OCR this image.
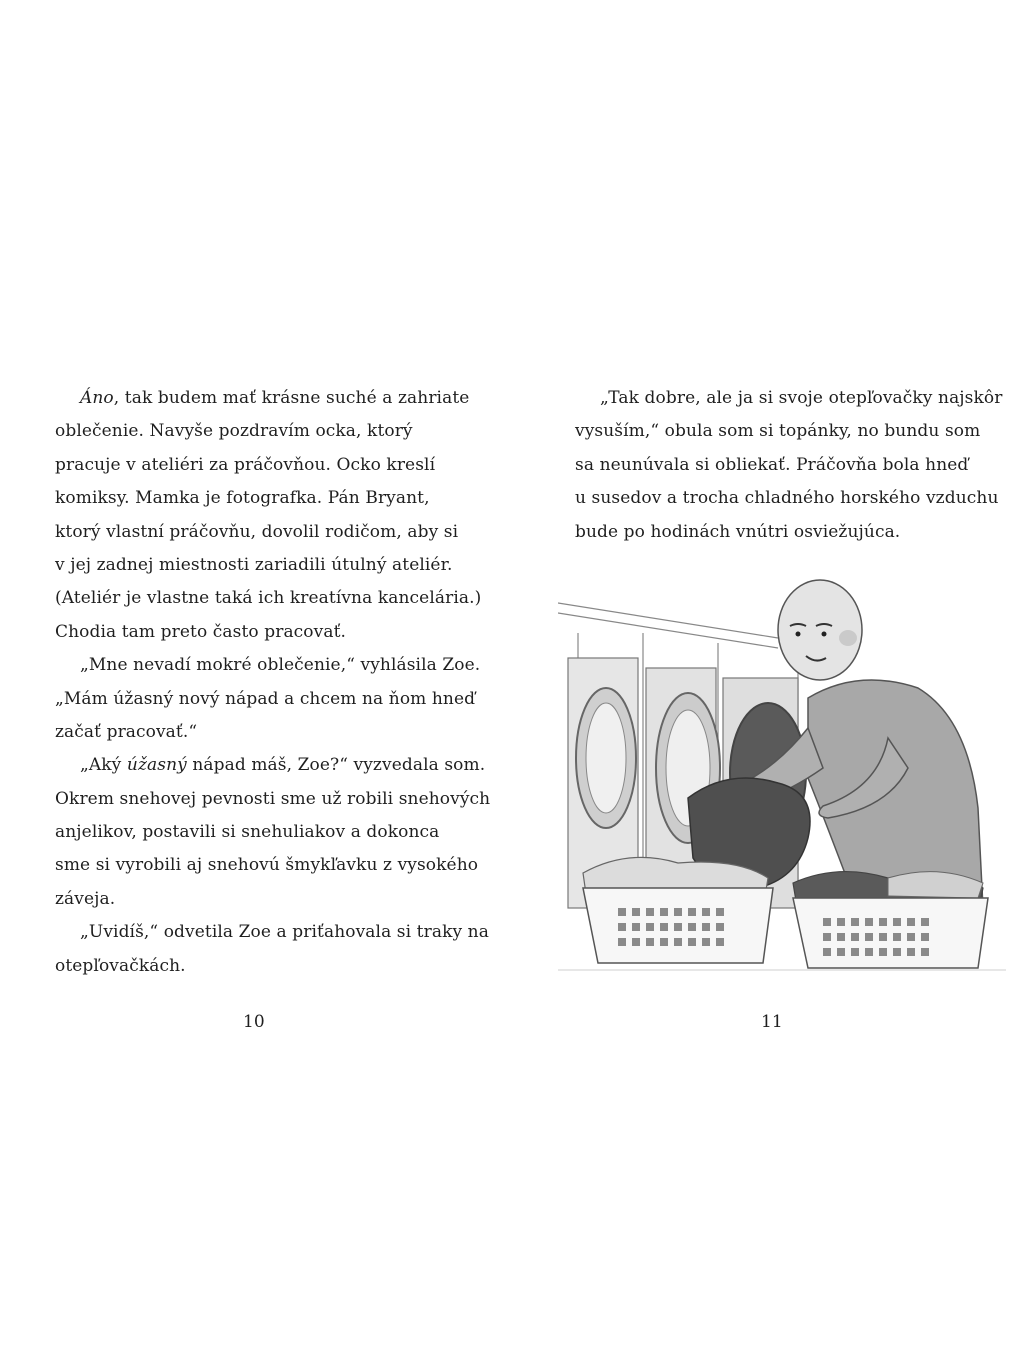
Áno, tak budem mať krásne suché a zahriate
oblečenie. Navyše pozdravím ocka, ktorý
pracuje v ateliéri za práčovňou. Ocko kreslí
komiksy. Mamka je fotografka. Pán Bryant,
ktorý vlastní práčovňu, dovolil rodičom, aby si
v jej zadnej miestnosti zariadili útulný ateliér.
(Ateliér je vlastne taká ich kreatívna kancelária.)
Chodia tam preto často pracovať.
„Mne nevadí mokré oblečenie,“ vyhlásila Zoe.
„Mám úžasný nový nápad a chcem na ňom hneď
začať pracovať.“
„Aký úžasný nápad máš, Zoe?“ vyzvedala som.
Okrem snehovej pevnosti sme už robili snehových
anjelikov, postavili si snehuliakov a dokonca
sme si vyrobili aj snehovú šmykľavku z vysokého
záveja.
„Uvidíš,“ odvetila Zoe a priťahovala si traky na
otepľovačkách.
10
„Tak dobre, ale ja si svoje otepľovačky najskôr
vysuším,“ obula som si topánky, no bundu som
sa neunúvala si obliekať. Práčovňa bola hneď
u susedov a trocha chladného horského vzduchu
bude po hodinách vnútri osviežujúca.
11
